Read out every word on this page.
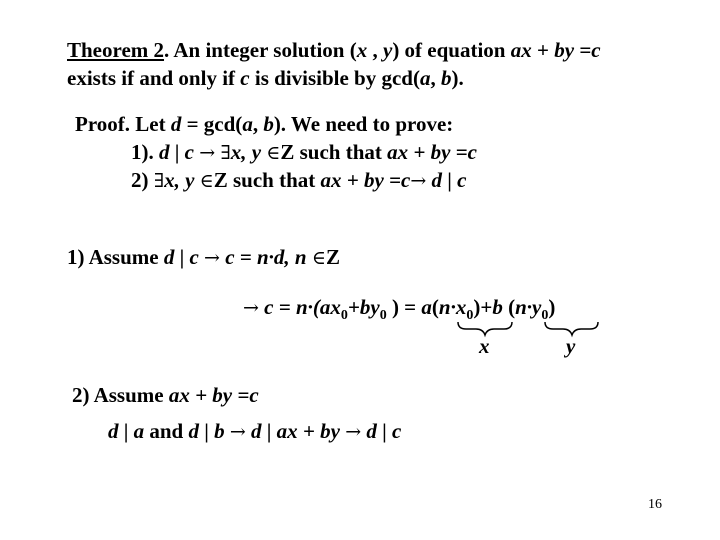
Theorem 2. An integer solution (x , y) of equation ax + by =c
exists if and only if c is divisible by gcd(a, b).
Proof. Let d = gcd(a, b). We need to prove:
1). d | c → ∃x, y ∈Z such that ax + by =c
2) ∃x, y ∈Z such that ax + by =c→ d | c
1) Assume d | c → c = n·d, n ∈Z
→ $c = n\cdot(ax_0+by_0$ ) = $a(n\cdot x_0)+b$ $(n\cdot y_0)$
x	y
2) Assume ax + by =c
d | a and d | b → d | ax + by → d | c
16
